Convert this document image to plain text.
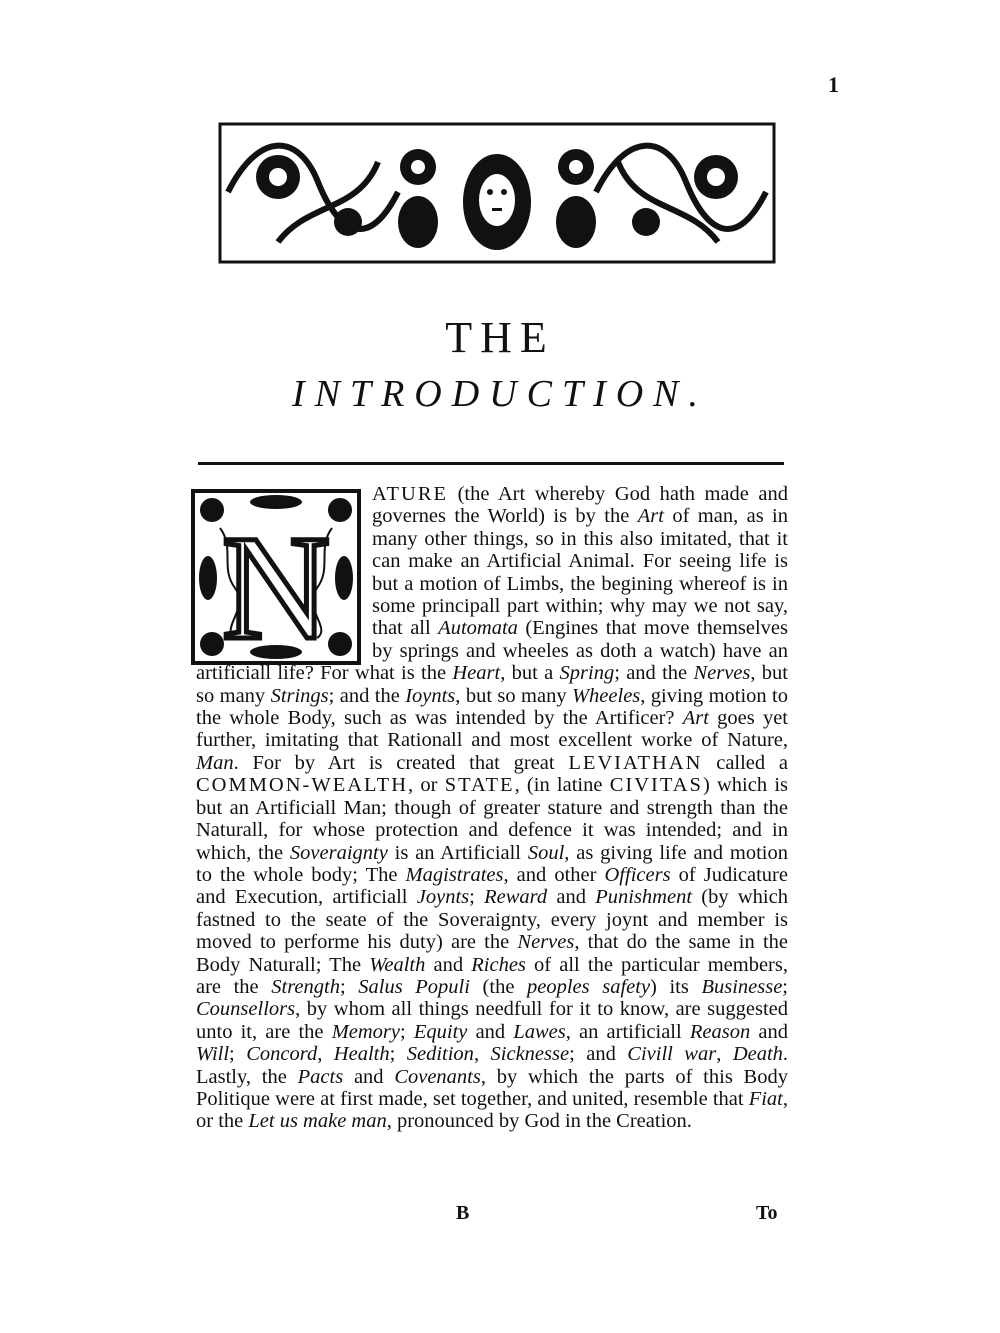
1
THE
INTRODUCTION.

ATURE (the Art whereby God hath made and governes the World) is by the Art of man, as in many other things, so in this also imitated, that it can make an Artificial Animal. For seeing life is but a motion of Limbs, the begining whereof is in some principall part within; why may we not say, that all Automata (Engines that move themselves by springs and wheeles as doth a watch) have an artificiall life? For what is the Heart, but a Spring; and the Nerves, but so many Strings; and the Ioynts, but so many Wheeles, giving motion to the whole Body, such as was intended by the Artificer? Art goes yet further, imitating that Rationall and most excellent worke of Nature, Man. For by Art is created that great LEVIATHAN called a COMMON-WEALTH, or STATE, (in latine CIVITAS) which is but an Artificiall Man; though of greater stature and strength than the Naturall, for whose protection and defence it was intended; and in which, the Soveraignty is an Artificiall Soul, as giving life and motion to the whole body; The Magistrates, and other Officers of Judicature and Execution, artificiall Joynts; Reward and Punishment (by which fastned to the seate of the Soveraignty, every joynt and member is moved to performe his duty) are the Nerves, that do the same in the Body Naturall; The Wealth and Riches of all the particular members, are the Strength; Salus Populi (the peoples safety) its Businesse; Counsellors, by whom all things needfull for it to know, are suggested unto it, are the Memory; Equity and Lawes, an artificiall Reason and Will; Concord, Health; Sedition, Sicknesse; and Civill war, Death. Lastly, the Pacts and Covenants, by which the parts of this Body Politique were at first made, set together, and united, resemble that Fiat, or the Let us make man, pronounced by God in the Creation.

N
B	To
